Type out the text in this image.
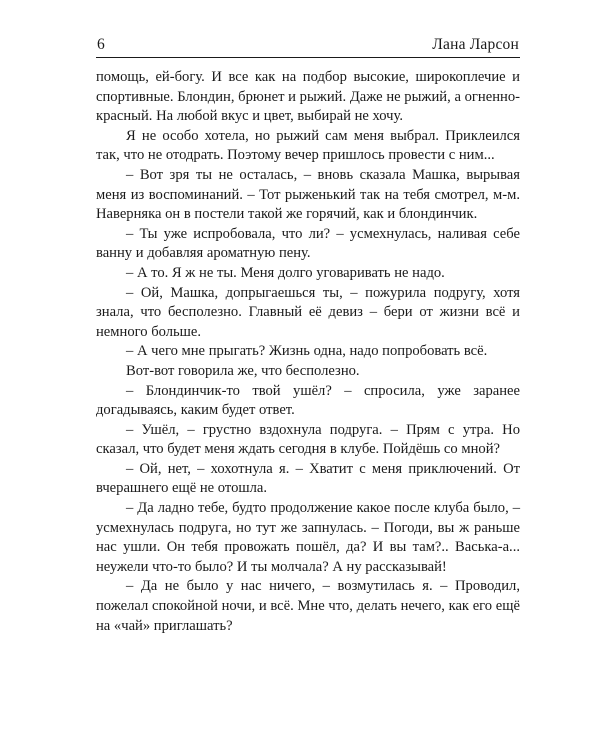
6	Лана Ларсон

помощь, ей-богу. И все как на подбор высокие, широкоплечие и спортивные. Блондин, брюнет и рыжий. Даже не рыжий, а огненно-красный. На любой вкус и цвет, выбирай не хочу.

Я не особо хотела, но рыжий сам меня выбрал. Приклеился так, что не отодрать. Поэтому вечер пришлось провести с ним...

– Вот зря ты не осталась, – вновь сказала Машка, вырывая меня из воспоминаний. – Тот рыженький так на тебя смотрел, м-м. Наверняка он в постели такой же горячий, как и блондинчик.

– Ты уже испробовала, что ли? – усмехнулась, наливая себе ванну и добавляя ароматную пену.

– А то. Я ж не ты. Меня долго уговаривать не надо.

– Ой, Машка, допрыгаешься ты, – пожурила подругу, хотя знала, что бесполезно. Главный её девиз – бери от жизни всё и немного больше.

– А чего мне прыгать? Жизнь одна, надо попробовать всё.

Вот-вот говорила же, что бесполезно.

– Блондинчик-то твой ушёл? – спросила, уже заранее догадываясь, каким будет ответ.

– Ушёл, – грустно вздохнула подруга. – Прям с утра. Но сказал, что будет меня ждать сегодня в клубе. Пойдёшь со мной?

– Ой, нет, – хохотнула я. – Хватит с меня приключений. От вчерашнего ещё не отошла.

– Да ладно тебе, будто продолжение какое после клуба было, – усмехнулась подруга, но тут же запнулась. – Погоди, вы ж раньше нас ушли. Он тебя провожать пошёл, да? И вы там?.. Васька-а... неужели что-то было? И ты молчала? А ну рассказывай!

– Да не было у нас ничего, – возмутилась я. – Проводил, пожелал спокойной ночи, и всё. Мне что, делать нечего, как его ещё на «чай» приглашать?
